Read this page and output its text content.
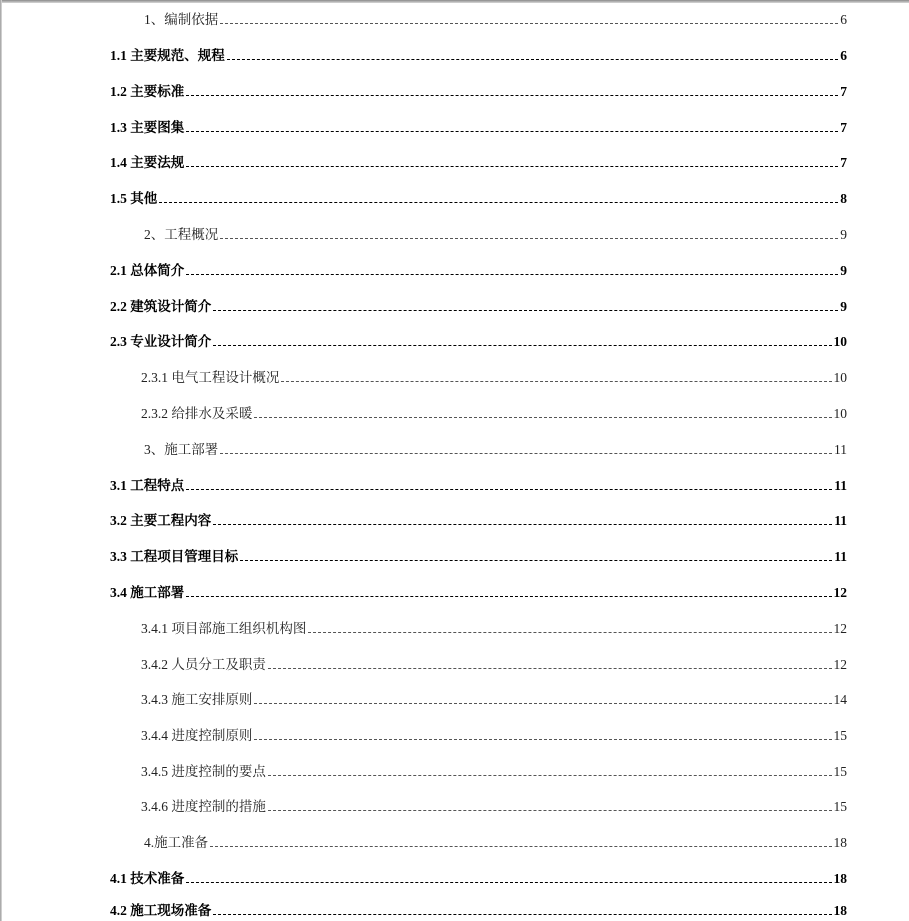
1、编制依据	6
1.1 主要规范、规程	6
1.2 主要标准	7
1.3 主要图集	7
1.4 主要法规	7
1.5 其他	8
2、工程概况	9
2.1 总体简介	9
2.2 建筑设计简介	9
2.3 专业设计简介	10
2.3.1 电气工程设计概况	10
2.3.2 给排水及采暖	10
3、施工部署	11
3.1 工程特点	11
3.2 主要工程内容	11
3.3 工程项目管理目标	11
3.4 施工部署	12
3.4.1 项目部施工组织机构图	12
3.4.2 人员分工及职责	12
3.4.3 施工安排原则	14
3.4.4 进度控制原则	15
3.4.5 进度控制的要点	15
3.4.6 进度控制的措施	15
4.施工准备	18
4.1 技术准备	18
4.2 施工现场准备	18
